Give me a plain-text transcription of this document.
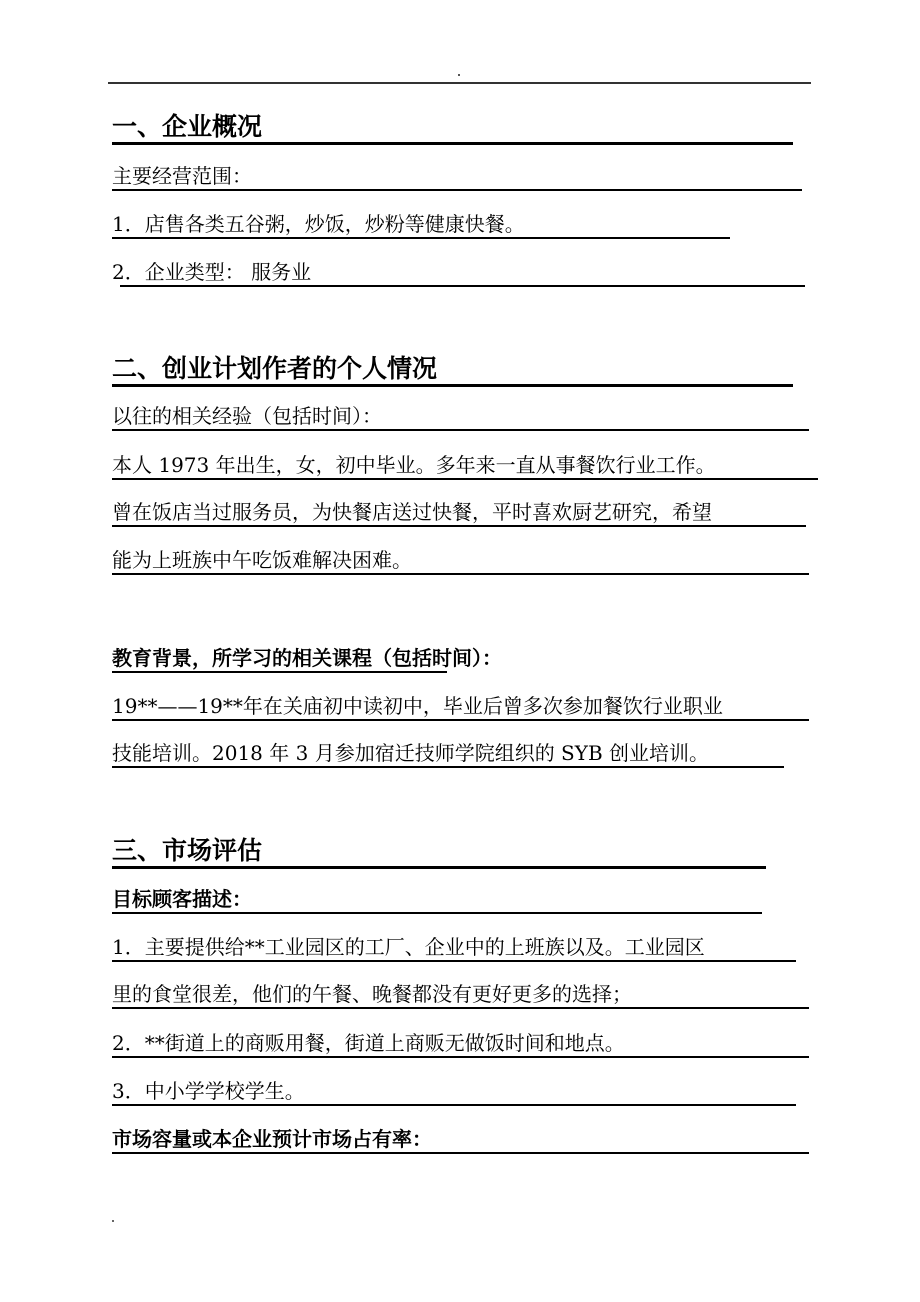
一、企业概况
主要经营范围：
1．店售各类五谷粥，炒饭，炒粉等健康快餐。
2．企业类型： 服务业
二、创业计划作者的个人情况
以往的相关经验（包括时间）：
本人 1973 年出生，女，初中毕业。多年来一直从事餐饮行业工作。
曾在饭店当过服务员，为快餐店送过快餐，平时喜欢厨艺研究，希望
能为上班族中午吃饭难解决困难。
教育背景，所学习的相关课程（包括时间）：
19**——19**年在关庙初中读初中，毕业后曾多次参加餐饮行业职业
技能培训。2018 年 3 月参加宿迁技师学院组织的 SYB 创业培训。
三、市场评估
目标顾客描述：
1．主要提供给**工业园区的工厂、企业中的上班族以及。工业园区
里的食堂很差，他们的午餐、晚餐都没有更好更多的选择；
2．**街道上的商贩用餐，街道上商贩无做饭时间和地点。
3．中小学学校学生。
市场容量或本企业预计市场占有率：
